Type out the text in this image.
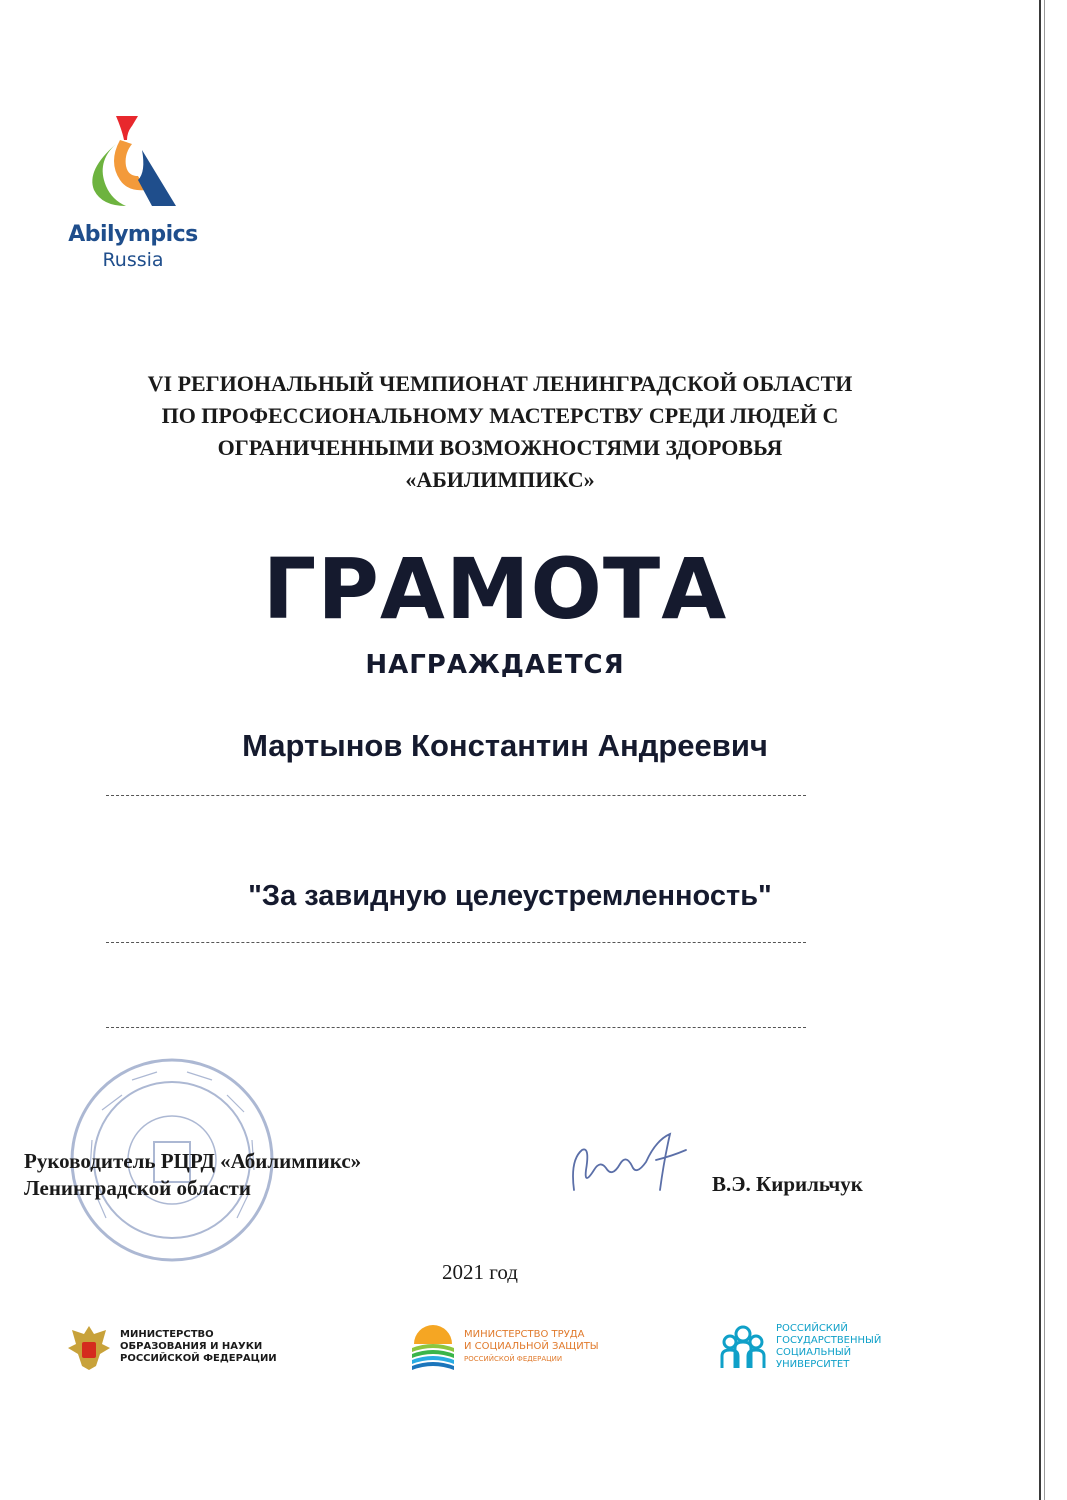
Abilympics
Russia
VI РЕГИОНАЛЬНЫЙ ЧЕМПИОНАТ ЛЕНИНГРАДСКОЙ ОБЛАСТИ
ПО ПРОФЕССИОНАЛЬНОМУ МАСТЕРСТВУ СРЕДИ ЛЮДЕЙ С
ОГРАНИЧЕННЫМИ ВОЗМОЖНОСТЯМИ ЗДОРОВЬЯ
«АБИЛИМПИКС»
ГРАМОТА
НАГРАЖДАЕТСЯ
Мартынов Константин Андреевич
"За завидную целеустремленность"
Руководитель РЦРД «Абилимпикс»
Ленинградской области	В.Э. Кирильчук
2021 год
МИНИСТЕРСТВО
ОБРАЗОВАНИЯ И НАУКИ
РОССИЙСКОЙ ФЕДЕРАЦИИ
МИНИСТЕРСТВО ТРУДА
И СОЦИАЛЬНОЙ ЗАЩИТЫ
РОССИЙСКОЙ ФЕДЕРАЦИИ
РОССИЙСКИЙ
ГОСУДАРСТВЕННЫЙ
СОЦИАЛЬНЫЙ
УНИВЕРСИТЕТ
